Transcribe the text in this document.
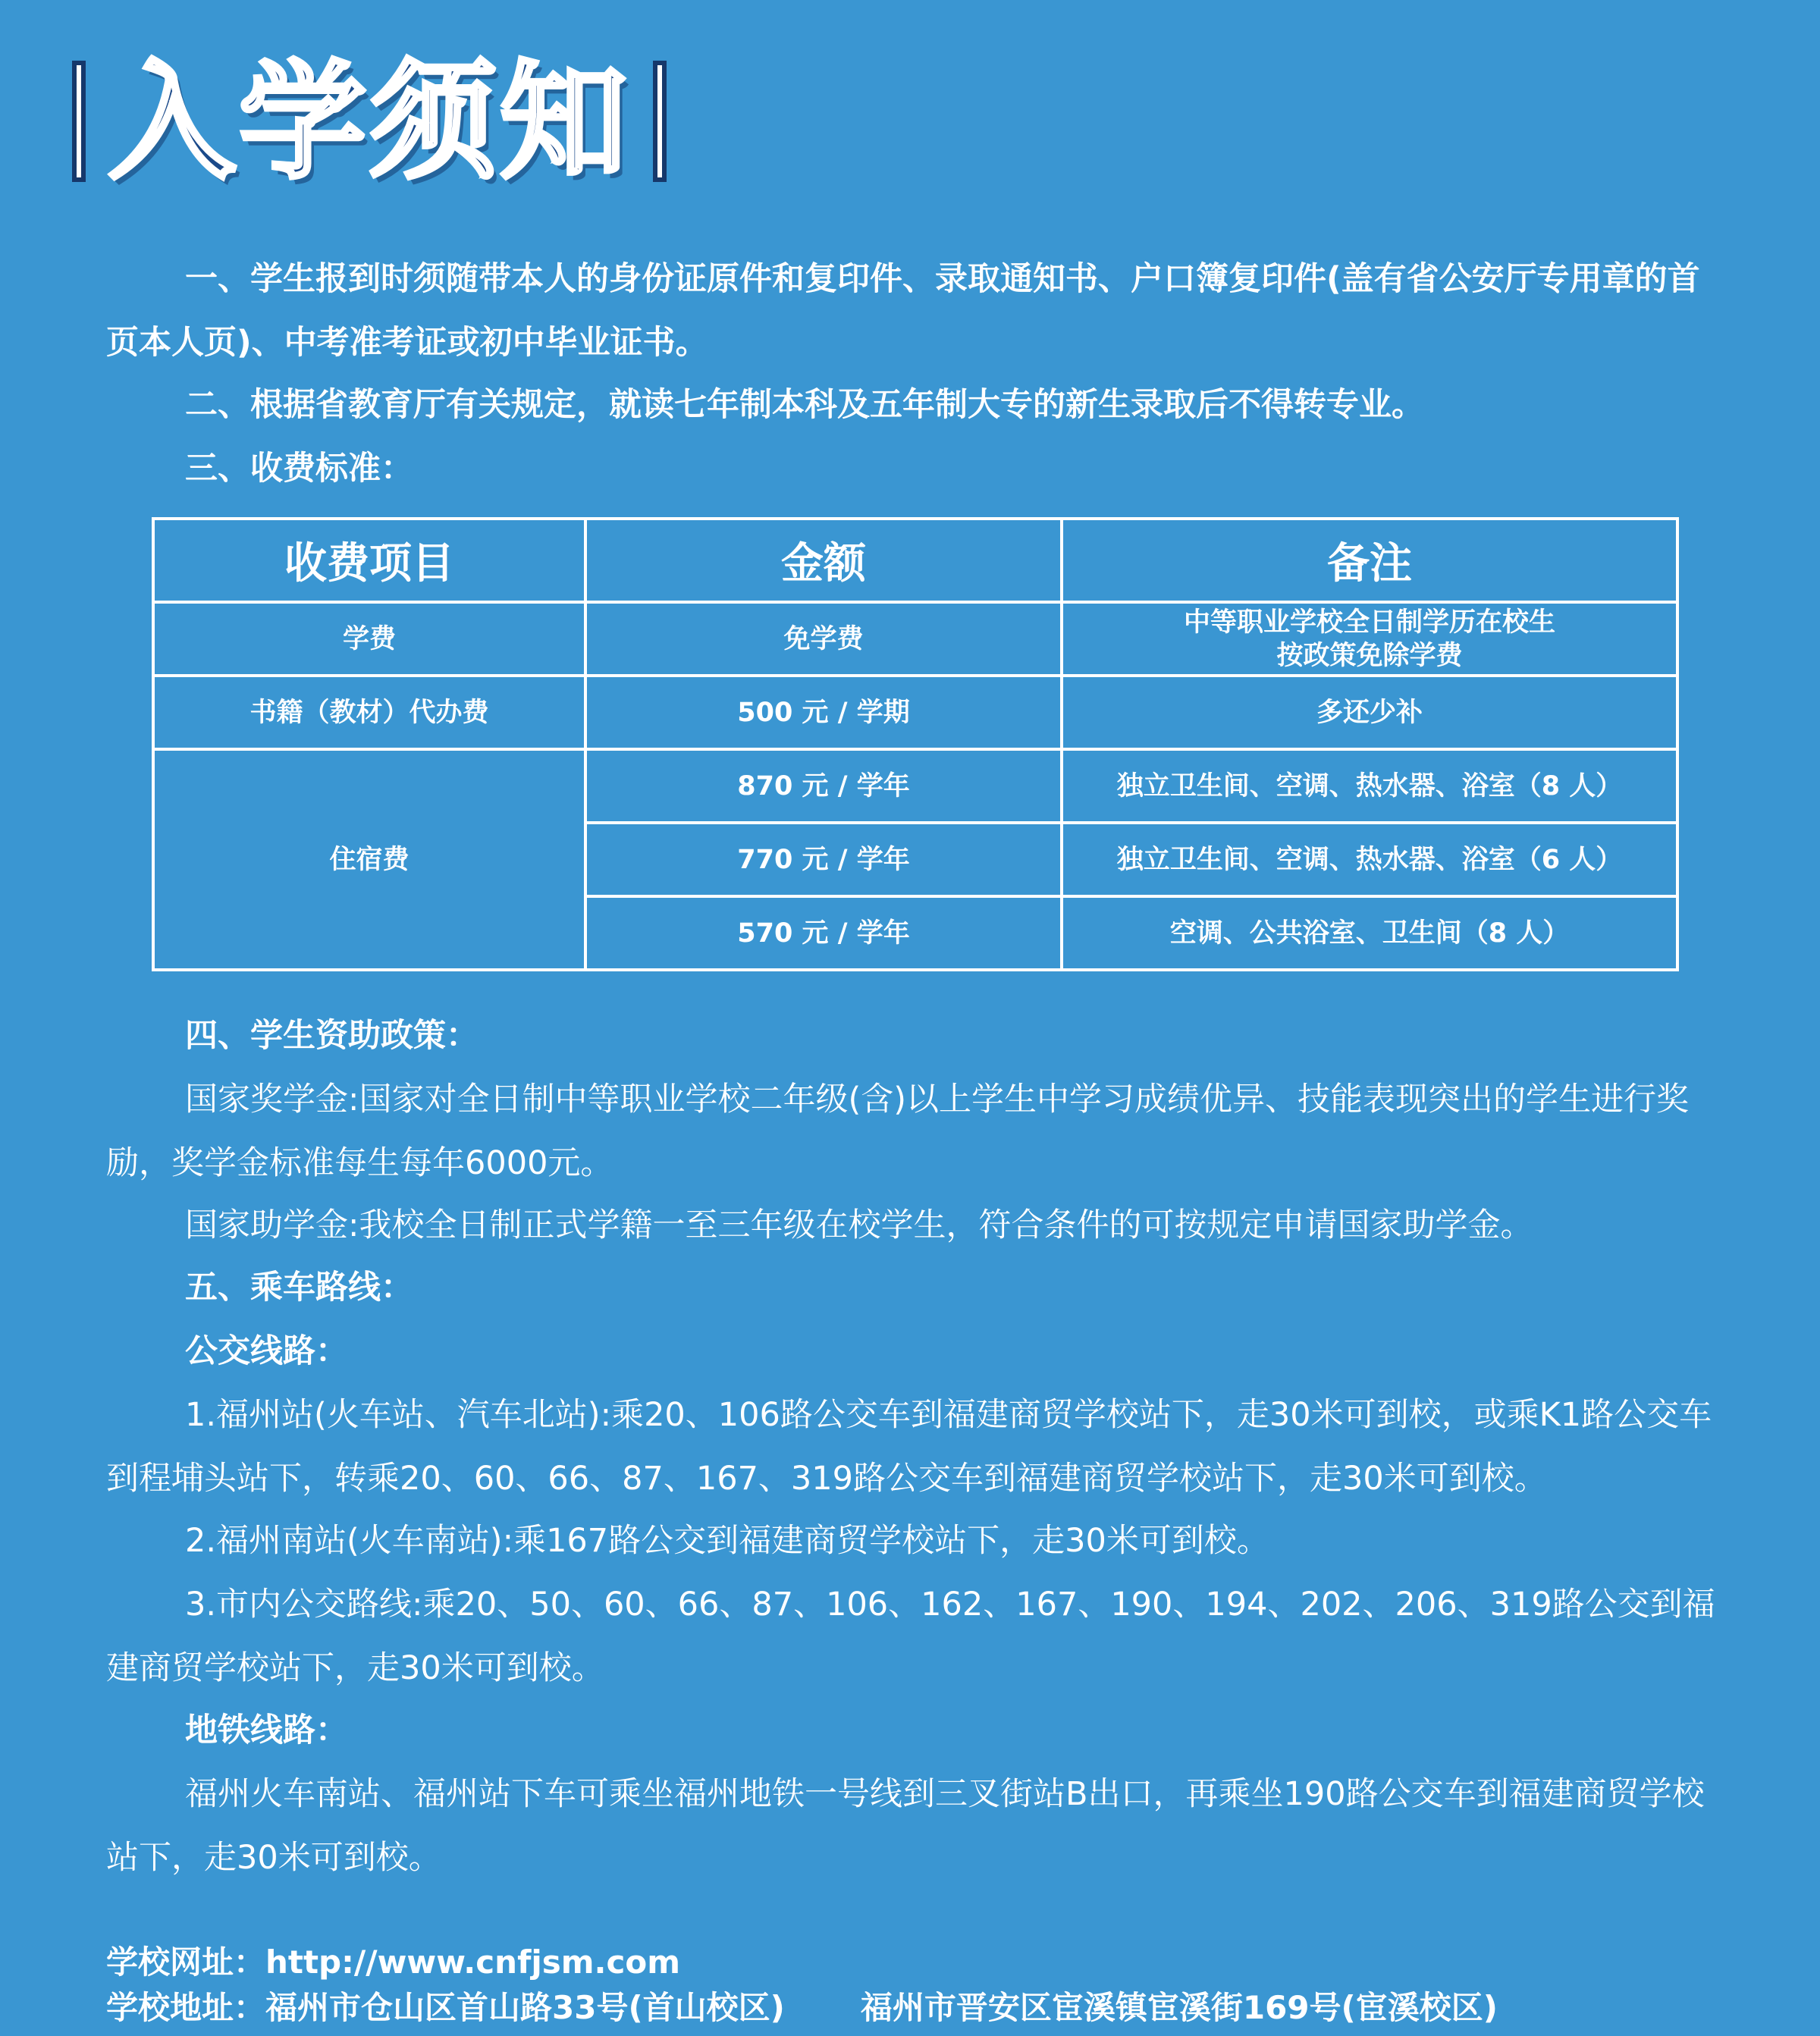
入学须知

一、学生报到时须随带本人的身份证原件和复印件、录取通知书、户口簿复印件(盖有省公安厅专用章的首页本人页)、中考准考证或初中毕业证书。

二、根据省教育厅有关规定，就读七年制本科及五年制大专的新生录取后不得转专业。

三、收费标准：

收费项目	金额	备注
学费	免学费	中等职业学校全日制学历在校生
按政策免除学费

书籍（教材）代办费	500 元 / 学期	多还少补
住宿费	870 元 / 学年	独立卫生间、空调、热水器、浴室（8 人）
	770 元 / 学年	独立卫生间、空调、热水器、浴室（6 人）
	570 元 / 学年	空调、公共浴室、卫生间（8 人）

四、学生资助政策：

国家奖学金:国家对全日制中等职业学校二年级(含)以上学生中学习成绩优异、技能表现突出的学生进行奖励，奖学金标准每生每年6000元。

国家助学金:我校全日制正式学籍一至三年级在校学生，符合条件的可按规定申请国家助学金。

五、乘车路线：

公交线路：

1.福州站(火车站、汽车北站):乘20、106路公交车到福建商贸学校站下，走30米可到校，或乘K1路公交车到程埔头站下，转乘20、60、66、87、167、319路公交车到福建商贸学校站下，走30米可到校。

2.福州南站(火车南站):乘167路公交到福建商贸学校站下，走30米可到校。

3.市内公交路线:乘20、50、60、66、87、106、162、167、190、194、202、206、319路公交到福建商贸学校站下，走30米可到校。

地铁线路：

福州火车南站、福州站下车可乘坐福州地铁一号线到三叉街站B出口，再乘坐190路公交车到福建商贸学校站下，走30米可到校。

学校网址：http://www.cnfjsm.com
学校地址：福州市仓山区首山路33号(首山校区) 福州市晋安区宦溪镇宦溪街169号(宦溪校区)
